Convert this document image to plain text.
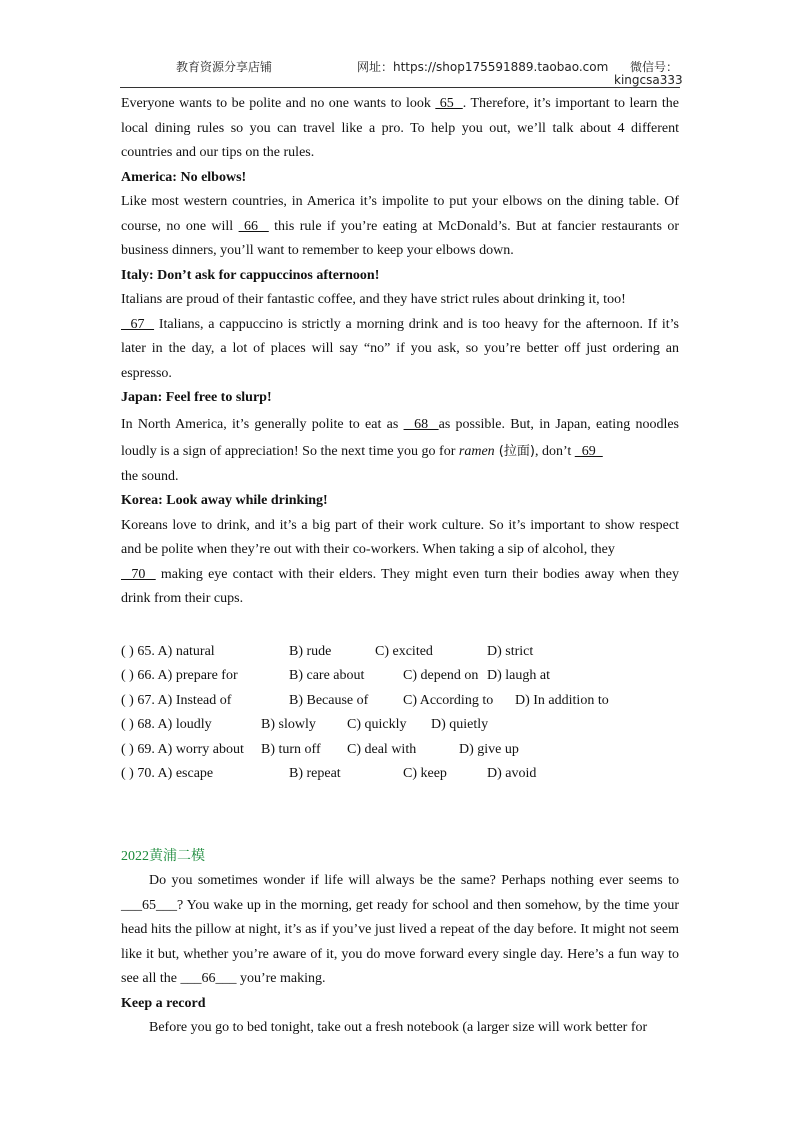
教育资源分享店铺	网址：https://shop175591889.taobao.com 微信号：
kingcsa333

Everyone wants to be polite and no one wants to look  65  . Therefore, it’s important to learn the local dining rules so you can travel like a pro. To help you out, we’ll talk about 4 different countries and our tips on the rules.

America: No elbows!

Like most western countries, in America it’s impolite to put your elbows on the dining table. Of course, no one will  66   this rule if you’re eating at McDonald’s. But at fancier restaurants or business dinners, you’ll want to remember to keep your elbows down.

Italy: Don’t ask for cappuccinos afternoon!

Italians are proud of their fantastic coffee, and they have strict rules about drinking it, too!

67   Italians, a cappuccino is strictly a morning drink and is too heavy for the afternoon. If it’s later in the day, a lot of places will say “no” if you ask, so you’re better off just ordering an espresso.

Japan: Feel free to slurp!

In North America, it’s generally polite to eat as   68  as possible. But, in Japan, eating noodles loudly is a sign of appreciation! So the next time you go for ramen (拉面), don’t   69

the sound.

Korea: Look away while drinking!

Koreans love to drink, and it’s a big part of their work culture. So it’s important to show respect and be polite when they’re out with their co-workers. When taking a sip of alcohol, they

70   making eye contact with their elders. They might even turn their bodies away when they drink from their cups.

( ) 65. A) natural	B) rude	C) excited	D) strict
( ) 66. A) prepare for	B) care about	C) depend on D) laugh at
( ) 67. A) Instead of	B) Because of C) According to D) In addition to
( ) 68. A) loudly	B) slowly C) quickly D) quietly
( ) 69. A) worry about B) turn off C) deal with	D) give up
( ) 70. A) escape	B) repeat	C) keep	D) avoid
2022黄浦二模

Do you sometimes wonder if life will always be the same? Perhaps nothing ever seems to ___65___? You wake up in the morning, get ready for school and then somehow, by the time your head hits the pillow at night, it’s as if you’ve just lived a repeat of the day before. It might not seem like it but, whether you’re aware of it, you do move forward every single day. Here’s a fun way to see all the ___66___ you’re making.

Keep a record

Before you go to bed tonight, take out a fresh notebook (a larger size will work better for
